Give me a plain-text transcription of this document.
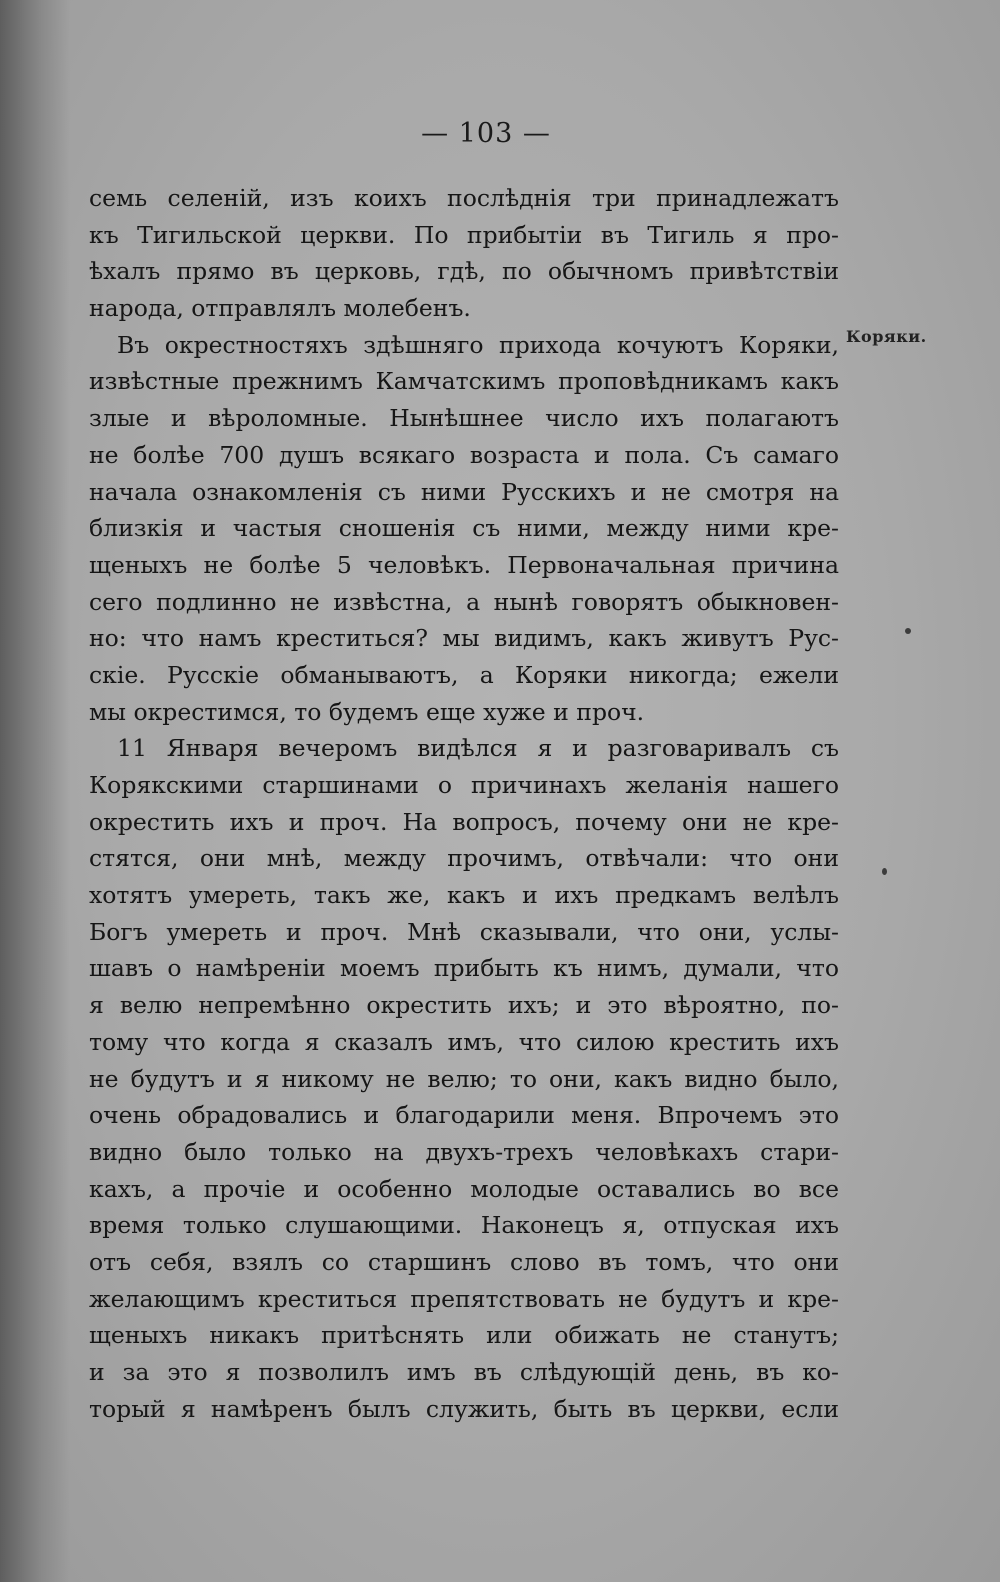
— 103 —
Коряки.
семь селеній, изъ коихъ послѣднія три принадлежатъ
къ Тигильской церкви. По прибытіи въ Тигиль я про-
ѣхалъ прямо въ церковь, гдѣ, по обычномъ привѣтствіи
народа, отправлялъ молебенъ.
Въ окрестностяхъ здѣшняго прихода кочуютъ Коряки,
извѣстные прежнимъ Камчатскимъ проповѣдникамъ какъ
злые и вѣроломные. Нынѣшнее число ихъ полагаютъ
не болѣе 700 душъ всякаго возраста и пола. Съ самаго
начала ознакомленія съ ними Русскихъ и не смотря на
близкія и частыя сношенія съ ними, между ними кре-
щеныхъ не болѣе 5 человѣкъ. Первоначальная причина
сего подлинно не извѣстна, а нынѣ говорятъ обыкновен-
но: что намъ креститься? мы видимъ, какъ живутъ Рус-
скіе. Русскіе обманываютъ, а Коряки никогда; ежели
мы окрестимся, то будемъ еще хуже и проч.
11 Января вечеромъ видѣлся я и разговаривалъ съ
Корякскими старшинами о причинахъ желанія нашего
окрестить ихъ и проч. На вопросъ, почему они не кре-
стятся, они мнѣ, между прочимъ, отвѣчали: что они
хотятъ умереть, такъ же, какъ и ихъ предкамъ велѣлъ
Богъ умереть и проч. Мнѣ сказывали, что они, услы-
шавъ о намѣреніи моемъ прибыть къ нимъ, думали, что
я велю непремѣнно окрестить ихъ; и это вѣроятно, по-
тому что когда я сказалъ имъ, что силою крестить ихъ
не будутъ и я никому не велю; то они, какъ видно было,
очень обрадовались и благодарили меня. Впрочемъ это
видно было только на двухъ-трехъ человѣкахъ стари-
кахъ, а прочіе и особенно молодые оставались во все
время только слушающими. Наконецъ я, отпуская ихъ
отъ себя, взялъ со старшинъ слово въ томъ, что они
желающимъ креститься препятствовать не будутъ и кре-
щеныхъ никакъ притѣснять или обижать не станутъ;
и за это я позволилъ имъ въ слѣдующій день, въ ко-
торый я намѣренъ былъ служить, быть въ церкви, если
